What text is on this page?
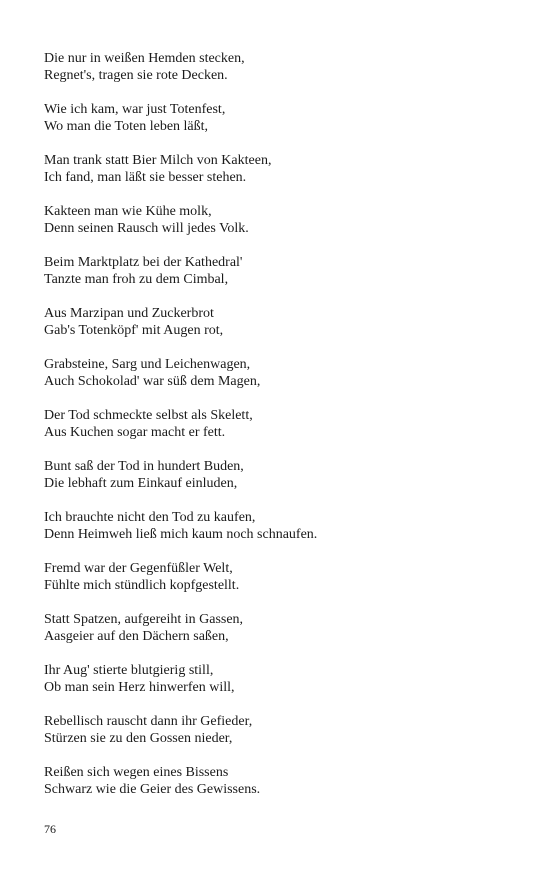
Die nur in weißen Hemden stecken,
Regnet's, tragen sie rote Decken.
Wie ich kam, war just Totenfest,
Wo man die Toten leben läßt,
Man trank statt Bier Milch von Kakteen,
Ich fand, man läßt sie besser stehen.
Kakteen man wie Kühe molk,
Denn seinen Rausch will jedes Volk.
Beim Marktplatz bei der Kathedral'
Tanzte man froh zu dem Cimbal,
Aus Marzipan und Zuckerbrot
Gab's Totenköpf' mit Augen rot,
Grabsteine, Sarg und Leichenwagen,
Auch Schokolad' war süß dem Magen,
Der Tod schmeckte selbst als Skelett,
Aus Kuchen sogar macht er fett.
Bunt saß der Tod in hundert Buden,
Die lebhaft zum Einkauf einluden,
Ich brauchte nicht den Tod zu kaufen,
Denn Heimweh ließ mich kaum noch schnaufen.
Fremd war der Gegenfüßler Welt,
Fühlte mich stündlich kopfgestellt.
Statt Spatzen, aufgereiht in Gassen,
Aasgeier auf den Dächern saßen,
Ihr Aug' stierte blutgierig still,
Ob man sein Herz hinwerfen will,
Rebellisch rauscht dann ihr Gefieder,
Stürzen sie zu den Gossen nieder,
Reißen sich wegen eines Bissens
Schwarz wie die Geier des Gewissens.
76
